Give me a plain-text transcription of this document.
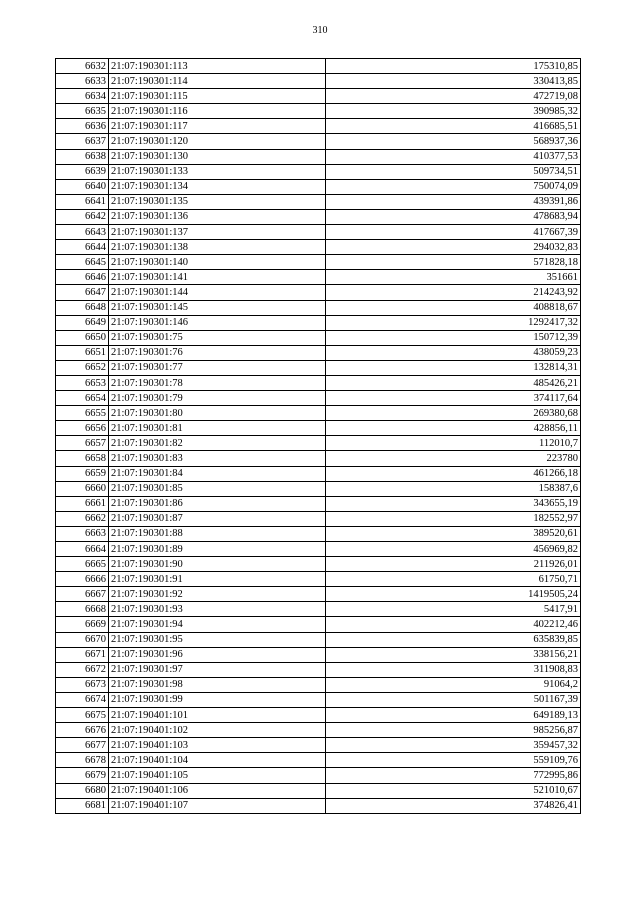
310
6632	21:07:190301:113	175310,85
6633	21:07:190301:114	330413,85
6634	21:07:190301:115	472719,08
6635	21:07:190301:116	390985,32
6636	21:07:190301:117	416685,51
6637	21:07:190301:120	568937,36
6638	21:07:190301:130	410377,53
6639	21:07:190301:133	509734,51
6640	21:07:190301:134	750074,09
6641	21:07:190301:135	439391,86
6642	21:07:190301:136	478683,94
6643	21:07:190301:137	417667,39
6644	21:07:190301:138	294032,83
6645	21:07:190301:140	571828,18
6646	21:07:190301:141	351661
6647	21:07:190301:144	214243,92
6648	21:07:190301:145	408818,67
6649	21:07:190301:146	1292417,32
6650	21:07:190301:75	150712,39
6651	21:07:190301:76	438059,23
6652	21:07:190301:77	132814,31
6653	21:07:190301:78	485426,21
6654	21:07:190301:79	374117,64
6655	21:07:190301:80	269380,68
6656	21:07:190301:81	428856,11
6657	21:07:190301:82	112010,7
6658	21:07:190301:83	223780
6659	21:07:190301:84	461266,18
6660	21:07:190301:85	158387,6
6661	21:07:190301:86	343655,19
6662	21:07:190301:87	182552,97
6663	21:07:190301:88	389520,61
6664	21:07:190301:89	456969,82
6665	21:07:190301:90	211926,01
6666	21:07:190301:91	61750,71
6667	21:07:190301:92	1419505,24
6668	21:07:190301:93	5417,91
6669	21:07:190301:94	402212,46
6670	21:07:190301:95	635839,85
6671	21:07:190301:96	338156,21
6672	21:07:190301:97	311908,83
6673	21:07:190301:98	91064,2
6674	21:07:190301:99	501167,39
6675	21:07:190401:101	649189,13
6676	21:07:190401:102	985256,87
6677	21:07:190401:103	359457,32
6678	21:07:190401:104	559109,76
6679	21:07:190401:105	772995,86
6680	21:07:190401:106	521010,67
6681	21:07:190401:107	374826,41
